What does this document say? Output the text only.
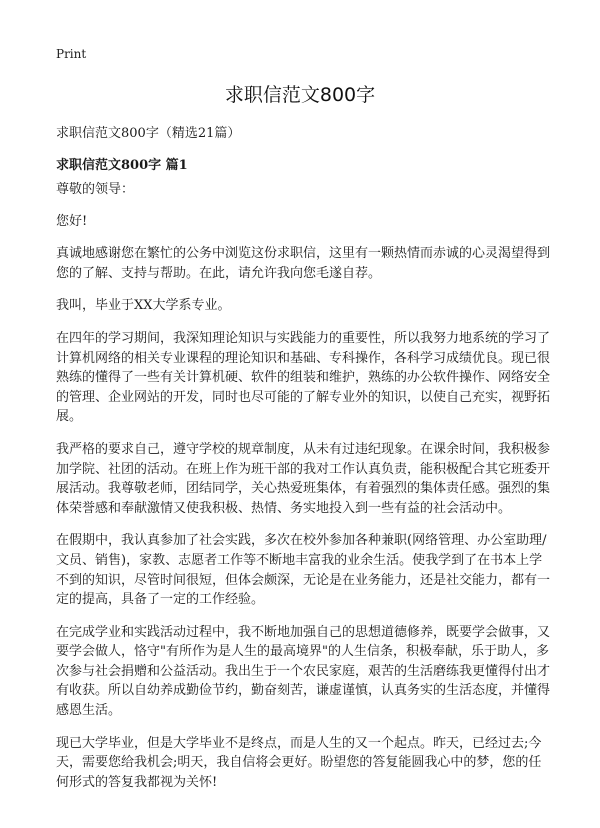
Print
求职信范文800字
求职信范文800字（精选21篇）
求职信范文800字 篇1

尊敬的领导：

您好!

真诚地感谢您在繁忙的公务中浏览这份求职信，这里有一颗热情而赤诚的心灵渴望得到您的了解、支持与帮助。在此，请允许我向您毛遂自荐。

我叫，毕业于XX大学系专业。

在四年的学习期间，我深知理论知识与实践能力的重要性，所以我努力地系统的学习了计算机网络的相关专业课程的理论知识和基础、专科操作，各科学习成绩优良。现已很熟练的懂得了一些有关计算机硬、软件的组装和维护，熟练的办公软件操作、网络安全的管理、企业网站的开发，同时也尽可能的了解专业外的知识，以使自己充实，视野拓展。

我严格的要求自己，遵守学校的规章制度，从未有过违纪现象。在课余时间，我积极参加学院、社团的活动。在班上作为班干部的我对工作认真负责，能积极配合其它班委开展活动。我尊敬老师，团结同学，关心热爱班集体，有着强烈的集体责任感。强烈的集体荣誉感和奉献激情又使我积极、热情、务实地投入到一些有益的社会活动中。

在假期中，我认真参加了社会实践，多次在校外参加各种兼职(网络管理、办公室助理/文员、销售)，家教、志愿者工作等不断地丰富我的业余生活。使我学到了在书本上学不到的知识，尽管时间很短，但体会颇深，无论是在业务能力，还是社交能力，都有一定的提高，具备了一定的工作经验。

在完成学业和实践活动过程中，我不断地加强自己的思想道德修养，既要学会做事，又要学会做人，恪守"有所作为是人生的最高境界"的人生信条，积极奉献，乐于助人，多次参与社会捐赠和公益活动。我出生于一个农民家庭，艰苦的生活磨练我更懂得付出才有收获。所以自幼养成勤俭节约，勤奋刻苦，谦虚谨慎，认真务实的生活态度，并懂得感恩生活。

现已大学毕业，但是大学毕业不是终点，而是人生的又一个起点。昨天，已经过去;今天，需要您给我机会;明天，我自信将会更好。盼望您的答复能圆我心中的梦，您的任何形式的答复我都视为关怀!
